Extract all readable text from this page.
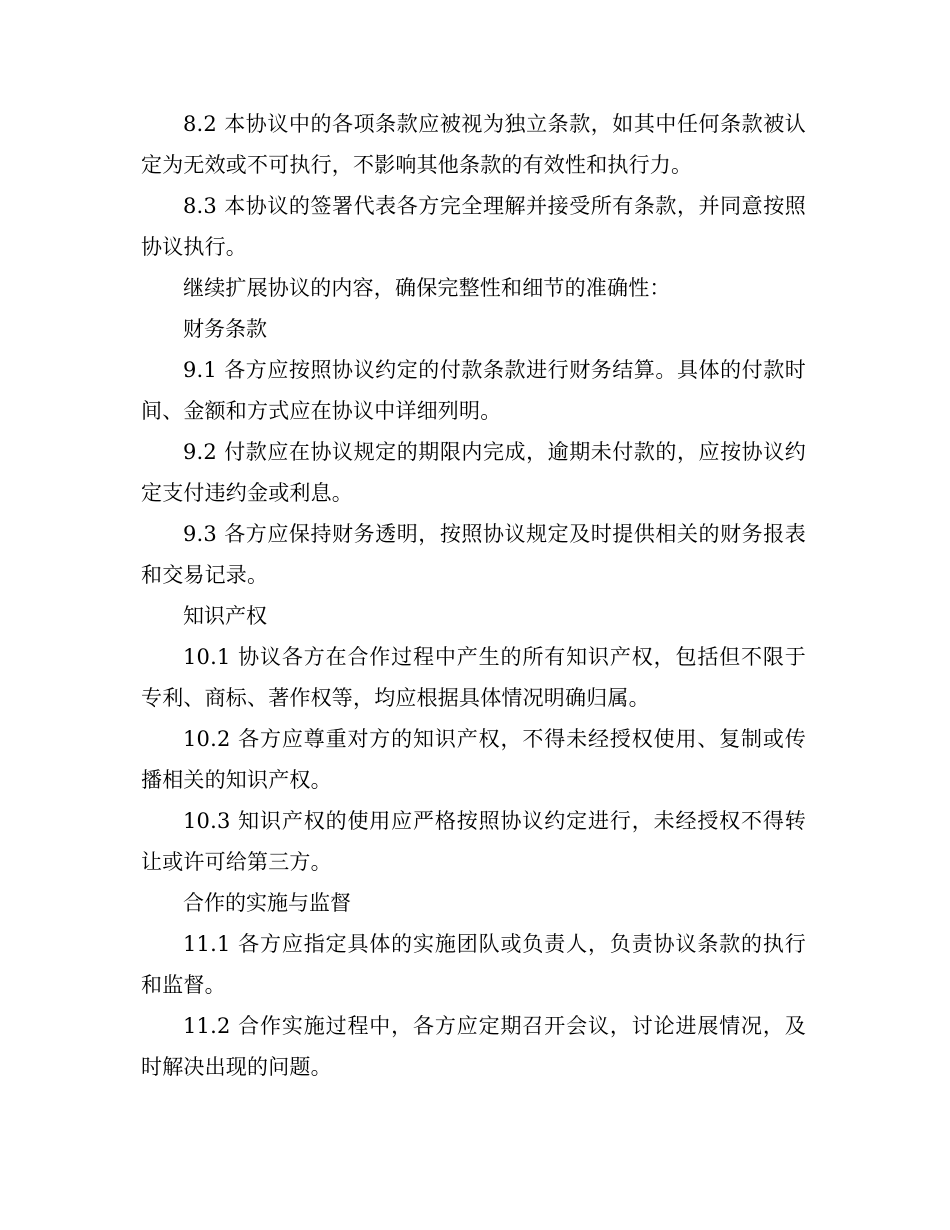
8.2 本协议中的各项条款应被视为独立条款，如其中任何条款被认定为无效或不可执行，不影响其他条款的有效性和执行力。

8.3 本协议的签署代表各方完全理解并接受所有条款，并同意按照协议执行。

继续扩展协议的内容，确保完整性和细节的准确性：

财务条款

9.1 各方应按照协议约定的付款条款进行财务结算。具体的付款时间、金额和方式应在协议中详细列明。

9.2 付款应在协议规定的期限内完成，逾期未付款的，应按协议约定支付违约金或利息。

9.3 各方应保持财务透明，按照协议规定及时提供相关的财务报表和交易记录。

知识产权

10.1 协议各方在合作过程中产生的所有知识产权，包括但不限于专利、商标、著作权等，均应根据具体情况明确归属。

10.2 各方应尊重对方的知识产权，不得未经授权使用、复制或传播相关的知识产权。

10.3 知识产权的使用应严格按照协议约定进行，未经授权不得转让或许可给第三方。

合作的实施与监督

11.1 各方应指定具体的实施团队或负责人，负责协议条款的执行和监督。

11.2 合作实施过程中，各方应定期召开会议，讨论进展情况，及时解决出现的问题。
